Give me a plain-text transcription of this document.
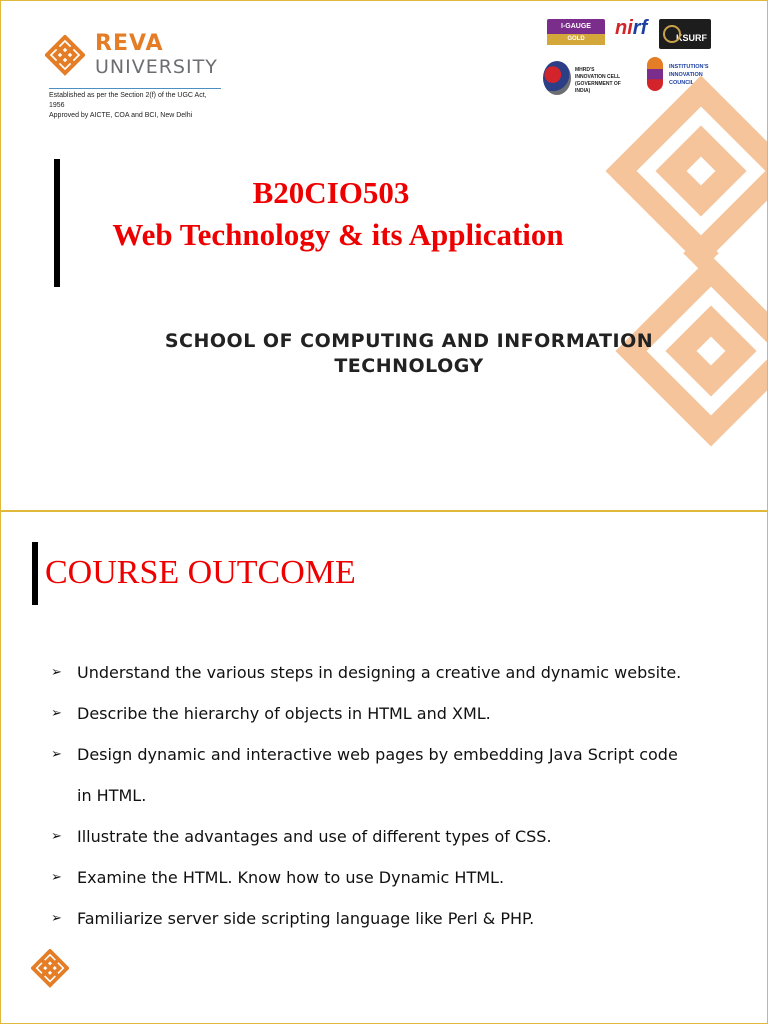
REVA
UNIVERSITY
Established as per the Section 2(f) of the UGC Act,
1956
Approved by AICTE, COA and BCI, New Delhi
I-GAUGE
GOLD	nirf	KSURF
MHRD'S
INNOVATION CELL
(GOVERNMENT OF INDIA)
INSTITUTION'S
INNOVATION
COUNCIL
B20CIO503
Web Technology & its Application
SCHOOL OF COMPUTING AND INFORMATION
TECHNOLOGY
COURSE OUTCOME
➢ Understand the various steps in designing a creative and dynamic website.
➢ Describe the hierarchy of objects in HTML and XML.
➢ Design dynamic and interactive web pages by embedding Java Script code
in HTML.
➢ Illustrate the advantages and use of different types of CSS.
➢ Examine the HTML. Know how to use Dynamic HTML.
➢ Familiarize server side scripting language like Perl & PHP.
